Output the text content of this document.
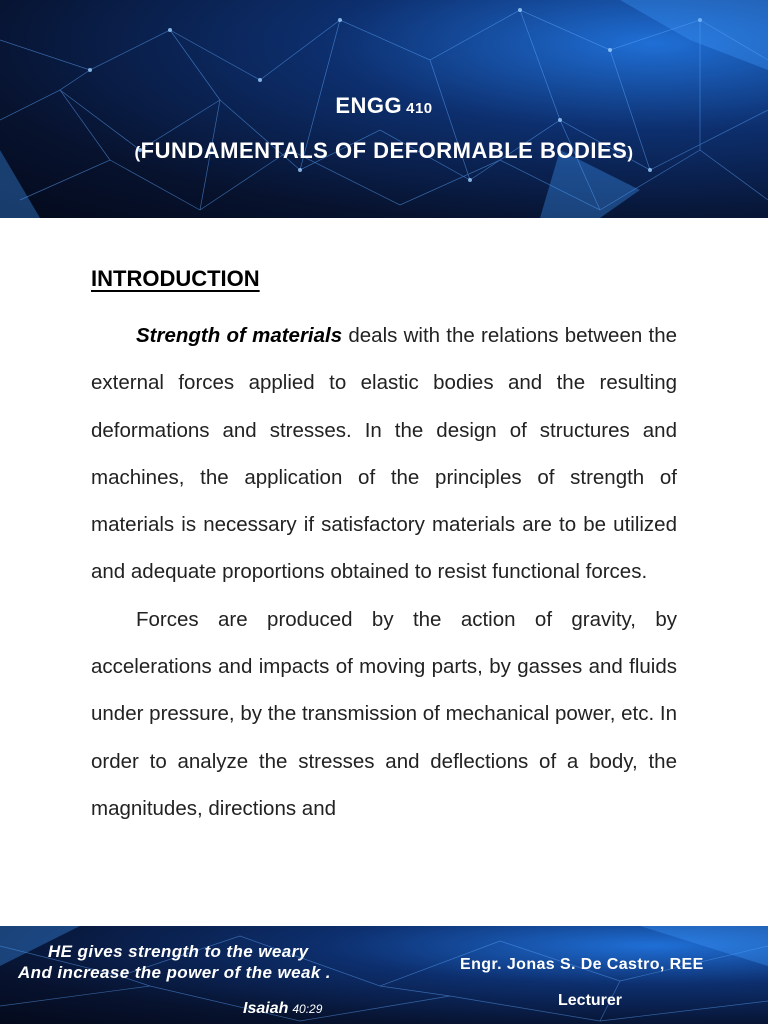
ENGG 410
(FUNDAMENTALS OF DEFORMABLE BODIES)
INTRODUCTION

Strength of materials deals with the relations between the external forces applied to elastic bodies and the resulting deformations and stresses. In the design of structures and machines, the application of the principles of strength of materials is necessary if satisfactory materials are to be utilized and adequate proportions obtained to resist functional forces.

Forces are produced by the action of gravity, by accelerations and impacts of moving parts, by gasses and fluids under pressure, by the transmission of mechanical power, etc. In order to analyze the stresses and deflections of a body, the magnitudes, directions and

HE gives strength to the weary
And increase the power of the weak .
Isaiah 40:29
Engr. Jonas S. De Castro, REE
Lecturer
